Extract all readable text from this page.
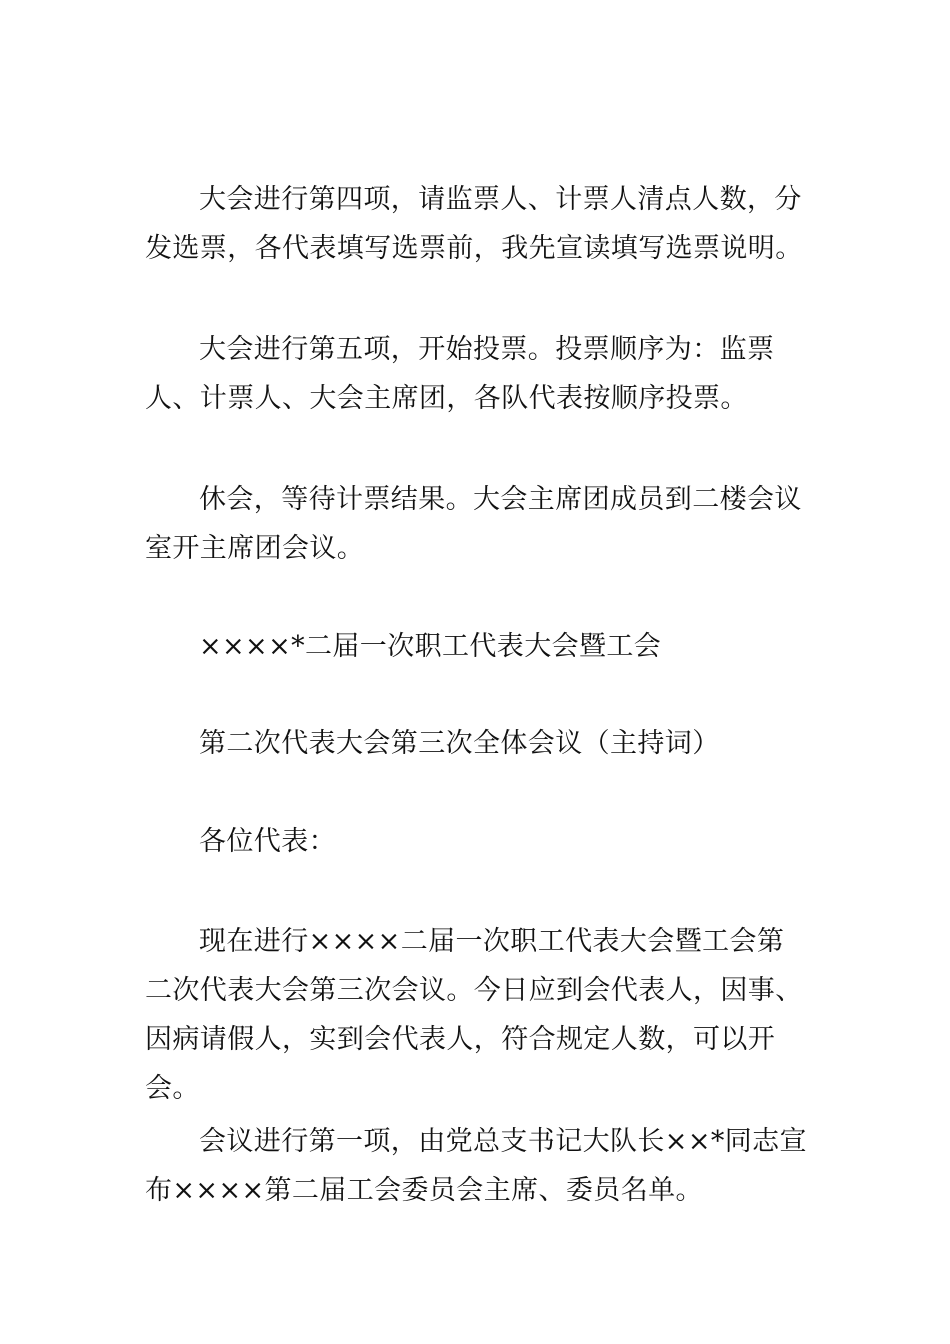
大会进行第四项，请监票人、计票人清点人数，分发选票，各代表填写选票前，我先宣读填写选票说明。

大会进行第五项，开始投票。投票顺序为：监票人、计票人、大会主席团，各队代表按顺序投票。

休会，等待计票结果。大会主席团成员到二楼会议室开主席团会议。

××××*二届一次职工代表大会暨工会

第二次代表大会第三次全体会议（主持词）

各位代表：

现在进行××××二届一次职工代表大会暨工会第二次代表大会第三次会议。今日应到会代表人，因事、因病请假人，实到会代表人，符合规定人数，可以开会。

会议进行第一项，由党总支书记大队长××*同志宣布××××第二届工会委员会主席、委员名单。
